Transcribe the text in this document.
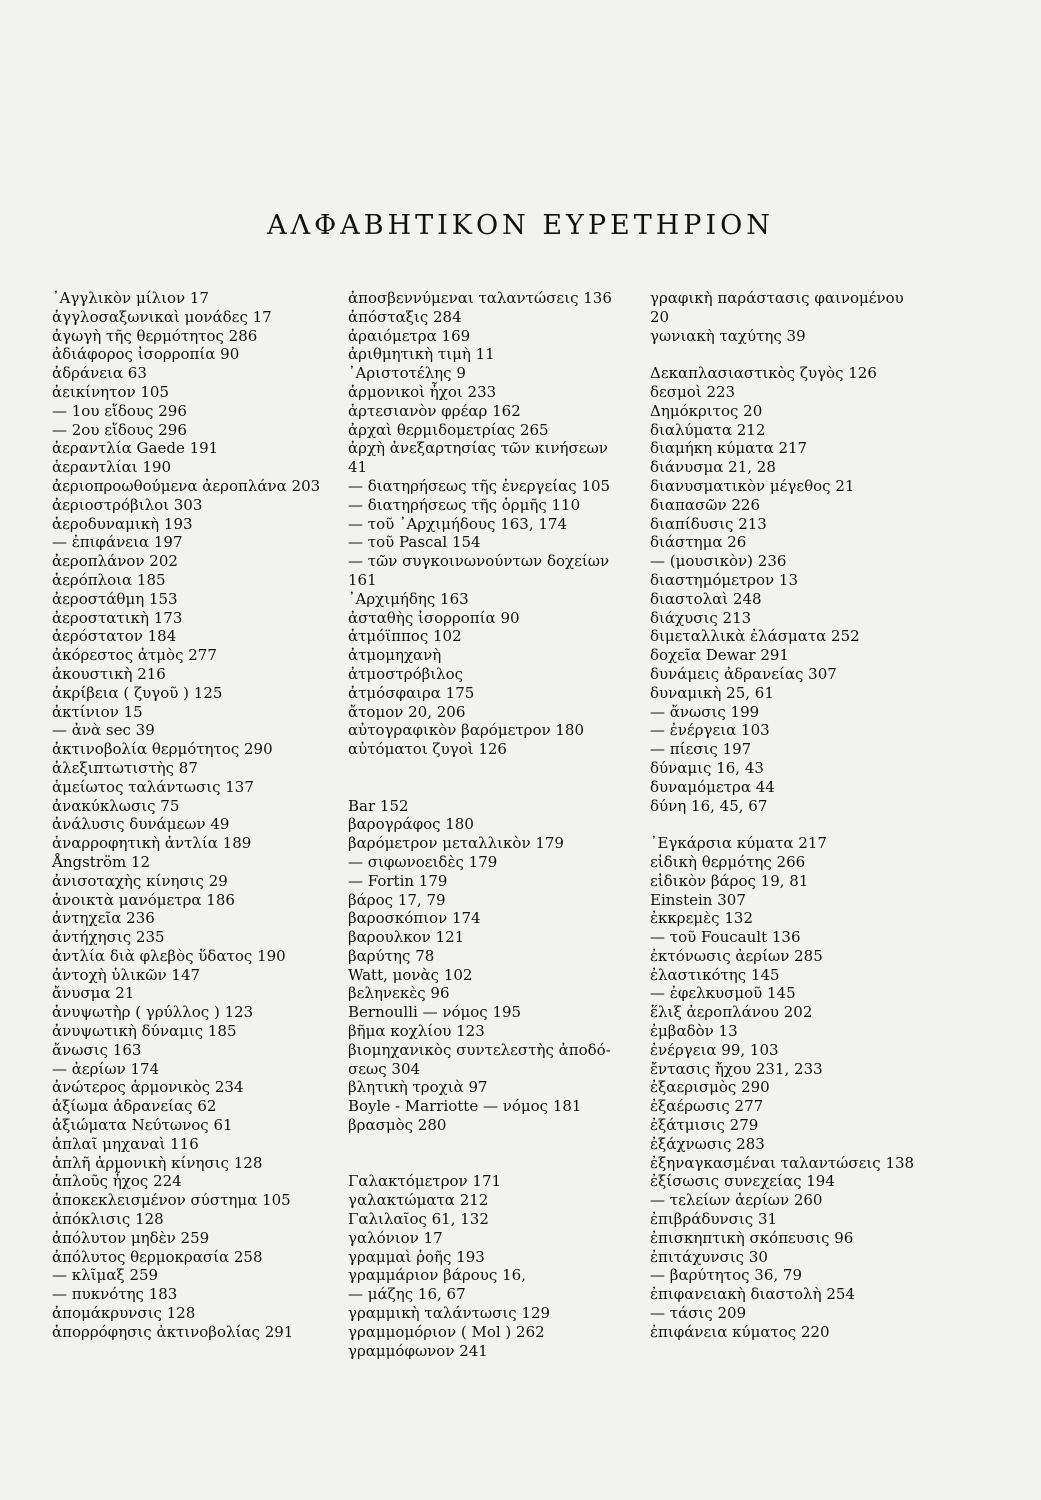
ΑΛΦΑΒΗΤΙΚΟΝ ΕΥΡΕΤΗΡΙΟΝ
᾿Αγγλικὸν μίλιον 17
ἀγγλοσαξωνικαὶ μονάδες 17
ἀγωγὴ τῆς θερμότητος 286
ἀδιάφορος ἰσορροπία 90
ἀδράνεια 63
ἀεικίνητον 105
— 1ου εἴδους 296
— 2ου εἴδους 296
ἀεραντλία Gaede 191
ἀεραντλίαι 190
ἀεριοπροωθούμενα ἀεροπλάνα 203
ἀεριοστρόβιλοι 303
ἀεροδυναμικὴ 193
— ἐπιφάνεια 197
ἀεροπλάνον 202
ἀερόπλοια 185
ἀεροστάθμη 153
ἀεροστατικὴ 173
ἀερόστατον 184
ἀκόρεστος ἀτμὸς 277
ἀκουστικὴ 216
ἀκρίβεια ( ζυγοῦ ) 125
ἀκτίνιον 15
— ἀνὰ sec 39
ἀκτινοβολία θερμότητος 290
ἀλεξιπτωτιστὴς 87
ἀμείωτος ταλάντωσις 137
ἀνακύκλωσις 75
ἀνάλυσις δυνάμεων 49
ἀναρροφητικὴ ἀντλία 189
Ångström 12
ἀνισοταχὴς κίνησις 29
ἀνοικτὰ μανόμετρα 186
ἀντηχεῖα 236
ἀντήχησις 235
ἀντλία διὰ φλεβὸς ὕδατος 190
ἀντοχὴ ὑλικῶν 147
ἄνυσμα 21
ἀνυψωτὴρ ( γρύλλος ) 123
ἀνυψωτικὴ δύναμις 185
ἄνωσις 163
— ἀερίων 174
ἀνώτερος ἁρμονικὸς 234
ἀξίωμα ἀδρανείας 62
ἀξιώματα Νεύτωνος 61
ἁπλαῖ μηχαναὶ 116
ἁπλῆ ἁρμονικὴ κίνησις 128
ἁπλοῦς ἦχος 224
ἀποκεκλεισμένον σύστημα 105
ἀπόκλισις 128
ἀπόλυτον μηδὲν 259
ἀπόλυτος θερμοκρασία 258
— κλῖμαξ 259
— πυκνότης 183
ἀπομάκρυνσις 128
ἀπορρόφησις ἀκτινοβολίας 291
ἀποσβεννύμεναι ταλαντώσεις 136
ἀπόσταξις 284
ἀραιόμετρα 169
ἀριθμητικὴ τιμὴ 11
᾿Αριστοτέλης 9
ἁρμονικοὶ ἦχοι 233
ἀρτεσιανὸν φρέαρ 162
ἀρχαὶ θερμιδομετρίας 265
ἀρχὴ ἀνεξαρτησίας τῶν κινήσεων
41
— διατηρήσεως τῆς ἐνεργείας 105
— διατηρήσεως τῆς ὁρμῆς 110
— τοῦ ᾿Αρχιμήδους 163, 174
— τοῦ Pascal 154
— τῶν συγκοινωνούντων δοχείων
161
᾿Αρχιμήδης 163
ἀσταθὴς ἰσορροπία 90
ἀτμόϊππος 102
ἀτμομηχανὴ
ἀτμοστρόβιλος
ἀτμόσφαιρα 175
ἄτομον 20, 206
αὐτογραφικὸν βαρόμετρον 180
αὐτόματοι ζυγοὶ 126
Bar 152
βαρογράφος 180
βαρόμετρον μεταλλικὸν 179
— σιφωνοειδὲς 179
— Fortin 179
βάρος 17, 79
βαροσκόπιον 174
βαρουλκον 121
βαρύτης 78
Watt, μονὰς 102
βεληνεκὲς 96
Bernoulli — νόμος 195
βῆμα κοχλίου 123
βιομηχανικὸς συντελεστὴς ἀποδό-
σεως 304
βλητικὴ τροχιὰ 97
Boyle - Marriotte — νόμος 181
βρασμὸς 280
Γαλακτόμετρον 171
γαλακτώματα 212
Γαλιλαῖος 61, 132
γαλόνιον 17
γραμμαὶ ῥοῆς 193
γραμμάριον βάρους 16,
— μάζης 16, 67
γραμμικὴ ταλάντωσις 129
γραμμομόριον ( Mol ) 262
γραμμόφωνον 241
γραφικὴ παράστασις φαινομένου
20
γωνιακὴ ταχύτης 39
Δεκαπλασιαστικὸς ζυγὸς 126
δεσμοὶ 223
Δημόκριτος 20
διαλύματα 212
διαμήκη κύματα 217
διάνυσμα 21, 28
διανυσματικὸν μέγεθος 21
διαπασῶν 226
διαπίδυσις 213
διάστημα 26
— (μουσικὸν) 236
διαστημόμετρον 13
διαστολαὶ 248
διάχυσις 213
διμεταλλικὰ ἐλάσματα 252
δοχεῖα Dewar 291
δυνάμεις ἀδρανείας 307
δυναμικὴ 25, 61
— ἄνωσις 199
— ἐνέργεια 103
— πίεσις 197
δύναμις 16, 43
δυναμόμετρα 44
δύνη 16, 45, 67
᾿Εγκάρσια κύματα 217
εἰδικὴ θερμότης 266
εἰδικὸν βάρος 19, 81
Einstein 307
ἐκκρεμὲς 132
— τοῦ Foucault 136
ἐκτόνωσις ἀερίων 285
ἐλαστικότης 145
— ἐφελκυσμοῦ 145
ἕλιξ ἀεροπλάνου 202
ἐμβαδὸν 13
ἐνέργεια 99, 103
ἔντασις ἤχου 231, 233
ἐξαερισμὸς 290
ἐξαέρωσις 277
ἐξάτμισις 279
ἐξάχνωσις 283
ἐξηναγκασμέναι ταλαντώσεις 138
ἐξίσωσις συνεχείας 194
— τελείων ἀερίων 260
ἐπιβράδυνσις 31
ἐπισκηπτικὴ σκόπευσις 96
ἐπιτάχυνσις 30
— βαρύτητος 36, 79
ἐπιφανειακὴ διαστολὴ 254
— τάσις 209
ἐπιφάνεια κύματος 220
